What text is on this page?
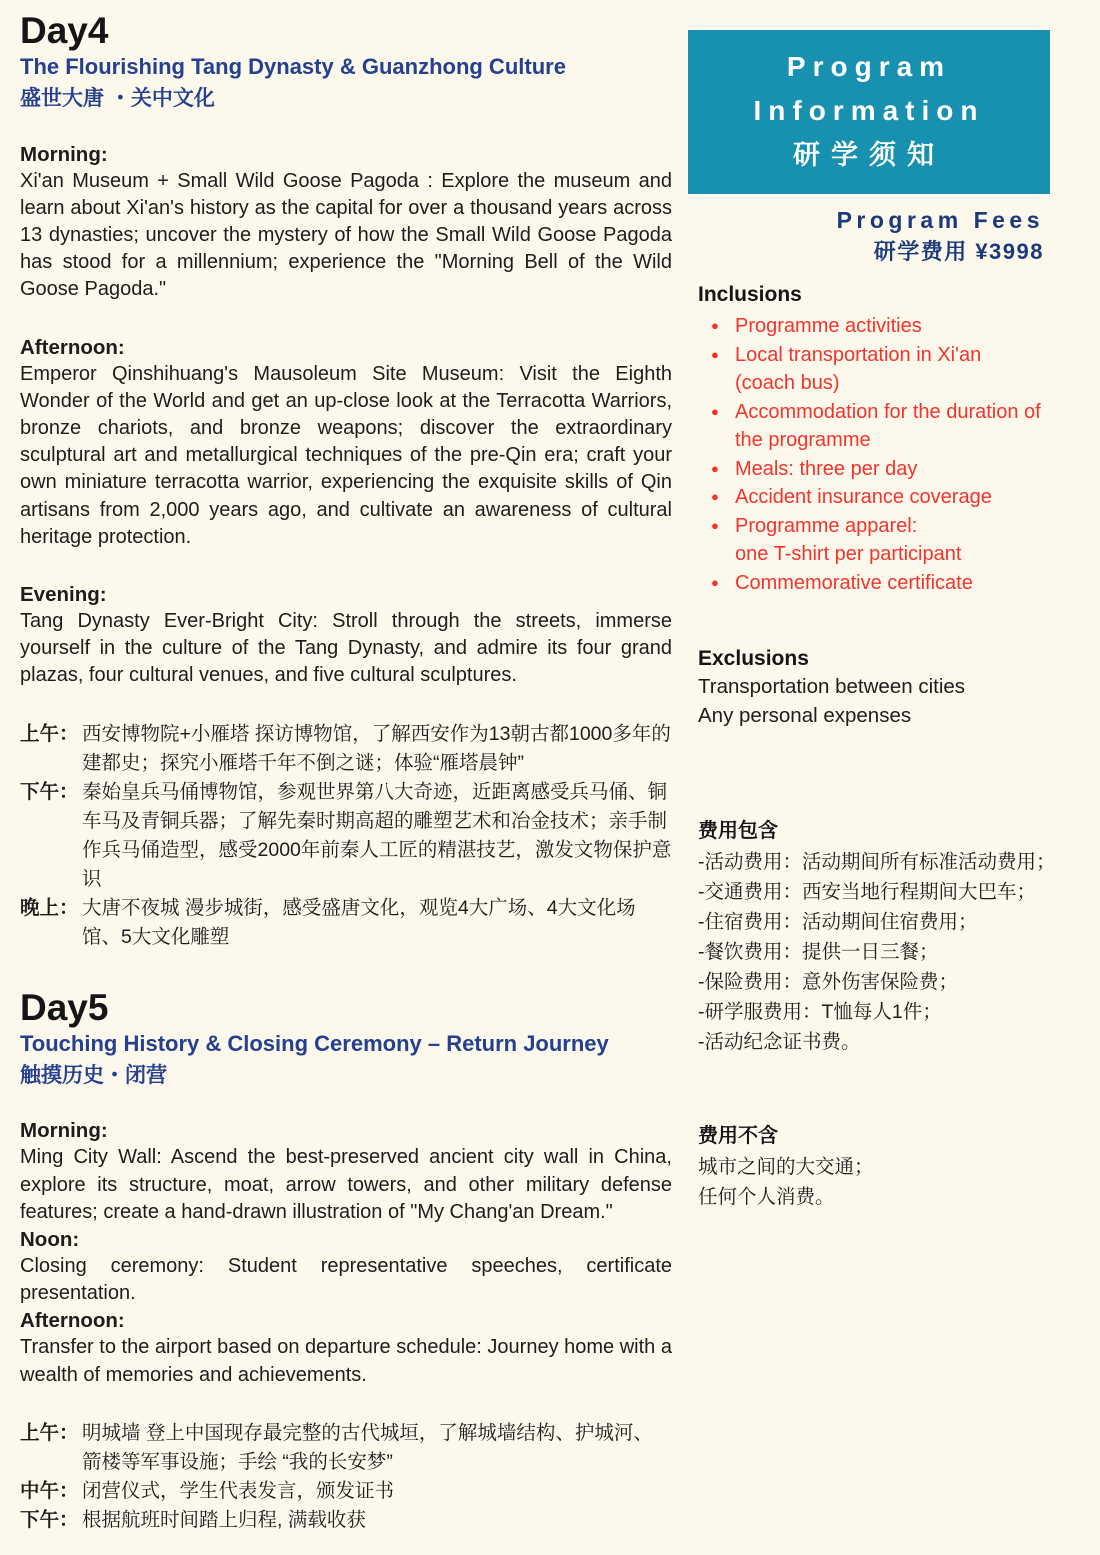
Day4
The Flourishing Tang Dynasty & Guanzhong Culture
盛世大唐 ・关中文化
Morning:

Xi'an Museum + Small Wild Goose Pagoda : Explore the museum and learn about Xi'an's history as the capital for over a thousand years across 13 dynasties; uncover the mystery of how the Small Wild Goose Pagoda has stood for a millennium; experience the "Morning Bell of the Wild Goose Pagoda."

Afternoon:

Emperor Qinshihuang's Mausoleum Site Museum: Visit the Eighth Wonder of the World and get an up-close look at the Terracotta Warriors, bronze chariots, and bronze weapons; discover the extraordinary sculptural art and metallurgical techniques of the pre-Qin era; craft your own miniature terracotta warrior, experiencing the exquisite skills of Qin artisans from 2,000 years ago, and cultivate an awareness of cultural heritage protection.

Evening:

Tang Dynasty Ever-Bright City: Stroll through the streets, immerse yourself in the culture of the Tang Dynasty, and admire its four grand plazas, four cultural venues, and five cultural sculptures.

上午： 西安博物院+小雁塔 探访博物馆，了解西安作为13朝古都1000多年的建都史；探究小雁塔千年不倒之谜；体验“雁塔晨钟”
下午： 秦始皇兵马俑博物馆，参观世界第八大奇迹，近距离感受兵马俑、铜车马及青铜兵器；了解先秦时期高超的雕塑艺术和冶金技术；亲手制作兵马俑造型，感受2000年前秦人工匠的精湛技艺，激发文物保护意识
晚上： 大唐不夜城 漫步城街，感受盛唐文化，观览4大广场、4大文化场馆、5大文化雕塑
Day5
Touching History & Closing Ceremony – Return Journey
触摸历史・闭营
Morning:

Ming City Wall: Ascend the best-preserved ancient city wall in China, explore its structure, moat, arrow towers, and other military defense features; create a hand-drawn illustration of "My Chang'an Dream."

Noon:

Closing ceremony: Student representative speeches, certificate presentation.

Afternoon:

Transfer to the airport based on departure schedule: Journey home with a wealth of memories and achievements.

上午： 明城墙 登上中国现存最完整的古代城垣，了解城墙结构、护城河、箭楼等军事设施；手绘 “我的长安梦”
中午： 闭营仪式，学生代表发言，颁发证书
下午： 根据航班时间踏上归程, 满载收获
Program Information
研学须知
Program Fees
研学费用 ¥3998
Inclusions
● Programme activities
● Local transportation in Xi'an
(coach bus)
● Accommodation for the duration of
the programme
● Meals: three per day
● Accident insurance coverage
● Programme apparel:
one T-shirt per participant
● Commemorative certificate
Exclusions
Transportation between cities
Any personal expenses
费用包含
-活动费用：活动期间所有标准活动费用；
-交通费用：西安当地行程期间大巴车；
-住宿费用：活动期间住宿费用；
-餐饮费用：提供一日三餐；
-保险费用：意外伤害保险费；
-研学服费用：T恤每人1件；
-活动纪念证书费。
费用不含
城市之间的大交通；
任何个人消费。
